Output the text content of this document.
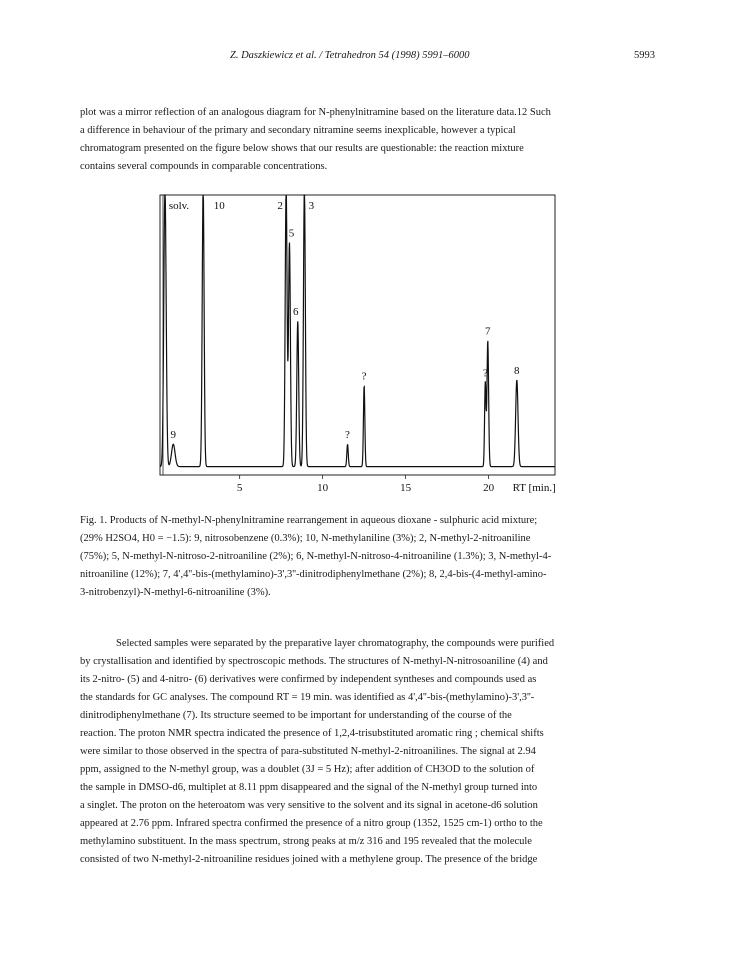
Z. Daszkiewicz et al. / Tetrahedron 54 (1998) 5991–6000	5993
plot was a mirror reflection of an analogous diagram for N-phenylnitramine based on the literature data.12 Such
a difference in behaviour of the primary and secondary nitramine seems inexplicable, however a typical
chromatogram presented on the figure below shows that our results are questionable: the reaction mixture
contains several compounds in comparable concentrations.
solv.
9
10	2
5
6
3
?
?	?
7
8
5	10	15	20 RT [min.]
Fig. 1. Products of N-methyl-N-phenylnitramine rearrangement in aqueous dioxane - sulphuric acid mixture;
(29% H2SO4, H0 = −1.5): 9, nitrosobenzene (0.3%); 10, N-methylaniline (3%); 2, N-methyl-2-nitroaniline
(75%); 5, N-methyl-N-nitroso-2-nitroaniline (2%); 6, N-methyl-N-nitroso-4-nitroaniline (1.3%); 3, N-methyl-4-
nitroaniline (12%); 7, 4',4''-bis-(methylamino)-3',3''-dinitrodiphenylmethane (2%); 8, 2,4-bis-(4-methyl-amino-
3-nitrobenzyl)-N-methyl-6-nitroaniline (3%).
Selected samples were separated by the preparative layer chromatography, the compounds were purified
by crystallisation and identified by spectroscopic methods. The structures of N-methyl-N-nitrosoaniline (4) and
its 2-nitro- (5) and 4-nitro- (6) derivatives were confirmed by independent syntheses and compounds used as
the standards for GC analyses. The compound RT = 19 min. was identified as 4',4''-bis-(methylamino)-3',3''-
dinitrodiphenylmethane (7). Its structure seemed to be important for understanding of the course of the
reaction. The proton NMR spectra indicated the presence of 1,2,4-trisubstituted aromatic ring ; chemical shifts
were similar to those observed in the spectra of para-substituted N-methyl-2-nitroanilines. The signal at 2.94
ppm, assigned to the N-methyl group, was a doublet (3J = 5 Hz); after addition of CH3OD to the solution of
the sample in DMSO-d6, multiplet at 8.11 ppm disappeared and the signal of the N-methyl group turned into
a singlet. The proton on the heteroatom was very sensitive to the solvent and its signal in acetone-d6 solution
appeared at 2.76 ppm. Infrared spectra confirmed the presence of a nitro group (1352, 1525 cm-1) ortho to the
methylamino substituent. In the mass spectrum, strong peaks at m/z 316 and 195 revealed that the molecule
consisted of two N-methyl-2-nitroaniline residues joined with a methylene group. The presence of the bridge
